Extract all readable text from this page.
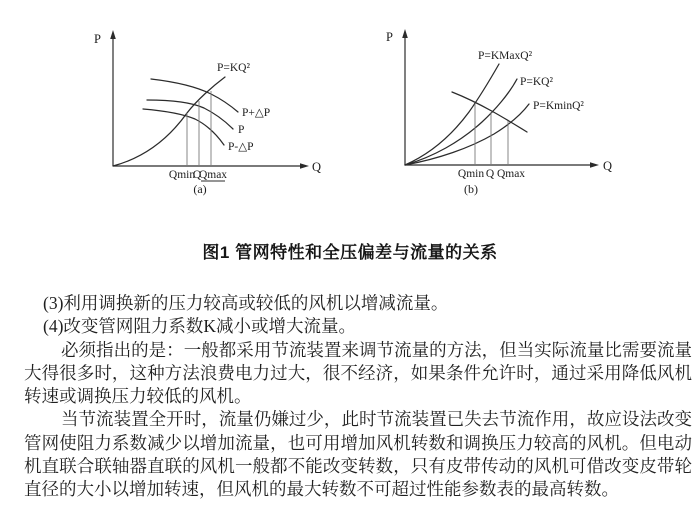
P
Q
P=KQ²
P+△P
P
P-△P
Qmin
Q
Qmax
(a)
P
Q
P=KMaxQ²
P=KQ²
P=KminQ²
Qmin Q Qmax
(b)
图1 管网特性和全压偏差与流量的关系

(3)利用调换新的压力较高或较低的风机以增减流量。

(4)改变管网阻力系数K减小或增大流量。

必须指出的是：一般都采用节流装置来调节流量的方法，但当实际流量比需要流量大得很多时，这种方法浪费电力过大，很不经济，如果条件允许时，通过采用降低风机转速或调换压力较低的风机。

当节流装置全开时，流量仍嫌过少，此时节流装置已失去节流作用，故应设法改变管网使阻力系数减少以增加流量，也可用增加风机转数和调换压力较高的风机。但电动机直联合联轴器直联的风机一般都不能改变转数，只有皮带传动的风机可借改变皮带轮直径的大小以增加转速，但风机的最大转数不可超过性能参数表的最高转数。
